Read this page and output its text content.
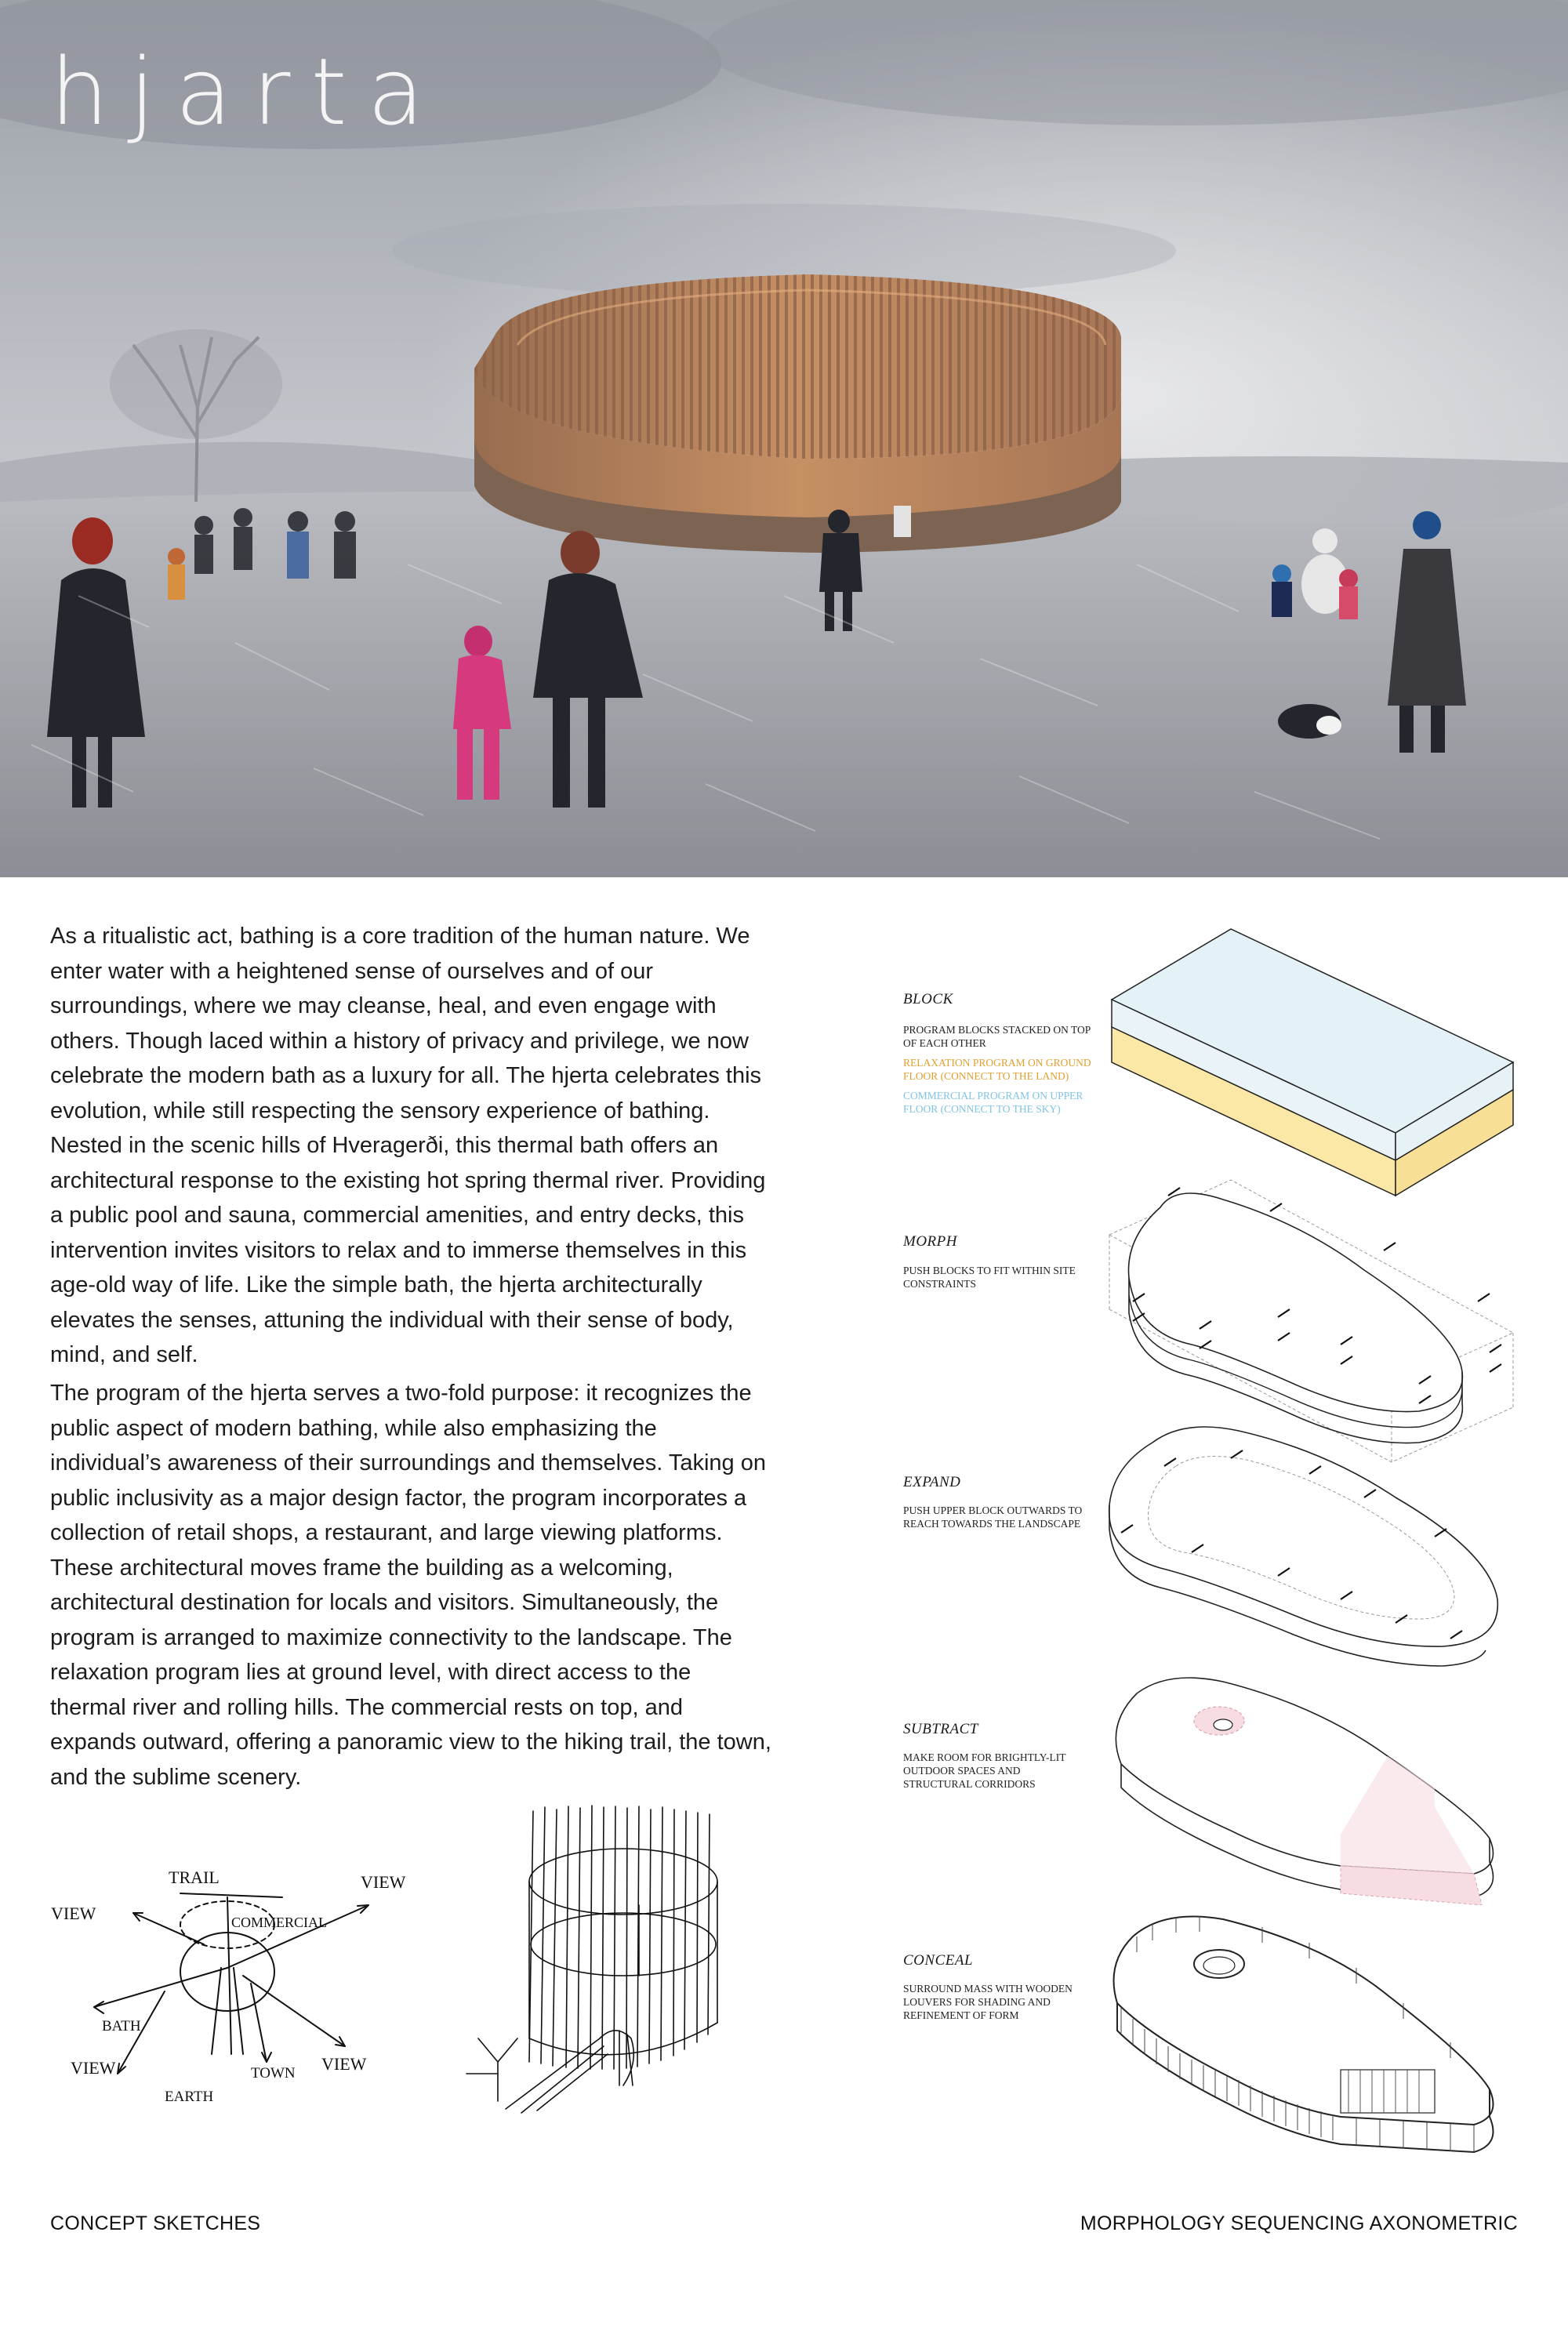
hjarta

As a ritualistic act, bathing is a core tradition of the human nature. We enter water with a heightened sense of ourselves and of our surroundings, where we may cleanse, heal, and even engage with others. Though laced within a history of privacy and privilege, we now celebrate the modern bath as a luxury for all. The hjerta celebrates this evolution, while still respecting the sensory experience of bathing. Nested in the scenic hills of Hveragerði, this thermal bath offers an architectural response to the existing hot spring thermal river. Providing a public pool and sauna, commercial amenities, and entry decks, this intervention invites visitors to relax and to immerse themselves in this age-old way of life. Like the simple bath, the hjerta architecturally elevates the senses, attuning the individual with their sense of body, mind, and self.

The program of the hjerta serves a two-fold purpose: it recognizes the public aspect of modern bathing, while also emphasizing the individual’s awareness of their surroundings and themselves. Taking on public inclusivity as a major design factor, the program incorporates a collection of retail shops, a restaurant, and large viewing platforms. These architectural moves frame the building as a welcoming, architectural destination for locals and visitors. Simultaneously, the program is arranged to maximize connectivity to the landscape. The relaxation program lies at ground level, with direct access to the thermal river and rolling hills. The commercial rests on top, and expands outward, offering a panoramic view to the hiking trail, the town, and the sublime scenery.

BLOCK
PROGRAM BLOCKS STACKED ON TOP OF EACH OTHER
RELAXATION PROGRAM ON GROUND FLOOR (CONNECT TO THE LAND)
COMMERCIAL PROGRAM ON UPPER FLOOR (CONNECT TO THE SKY)
MORPH
PUSH BLOCKS TO FIT WITHIN SITE CONSTRAINTS
EXPAND
PUSH UPPER BLOCK OUTWARDS TO REACH TOWARDS THE LANDSCAPE
SUBTRACT
MAKE ROOM FOR BRIGHTLY-LIT OUTDOOR SPACES AND STRUCTURAL CORRIDORS
CONCEAL
SURROUND MASS WITH WOODEN LOUVERS FOR SHADING AND REFINEMENT OF FORM
TRAIL	VIEW
VIEW	COMMERCIAL
BATH
VIEW	VIEW
TOWN
EARTH
CONCEPT SKETCHES	MORPHOLOGY SEQUENCING AXONOMETRIC
